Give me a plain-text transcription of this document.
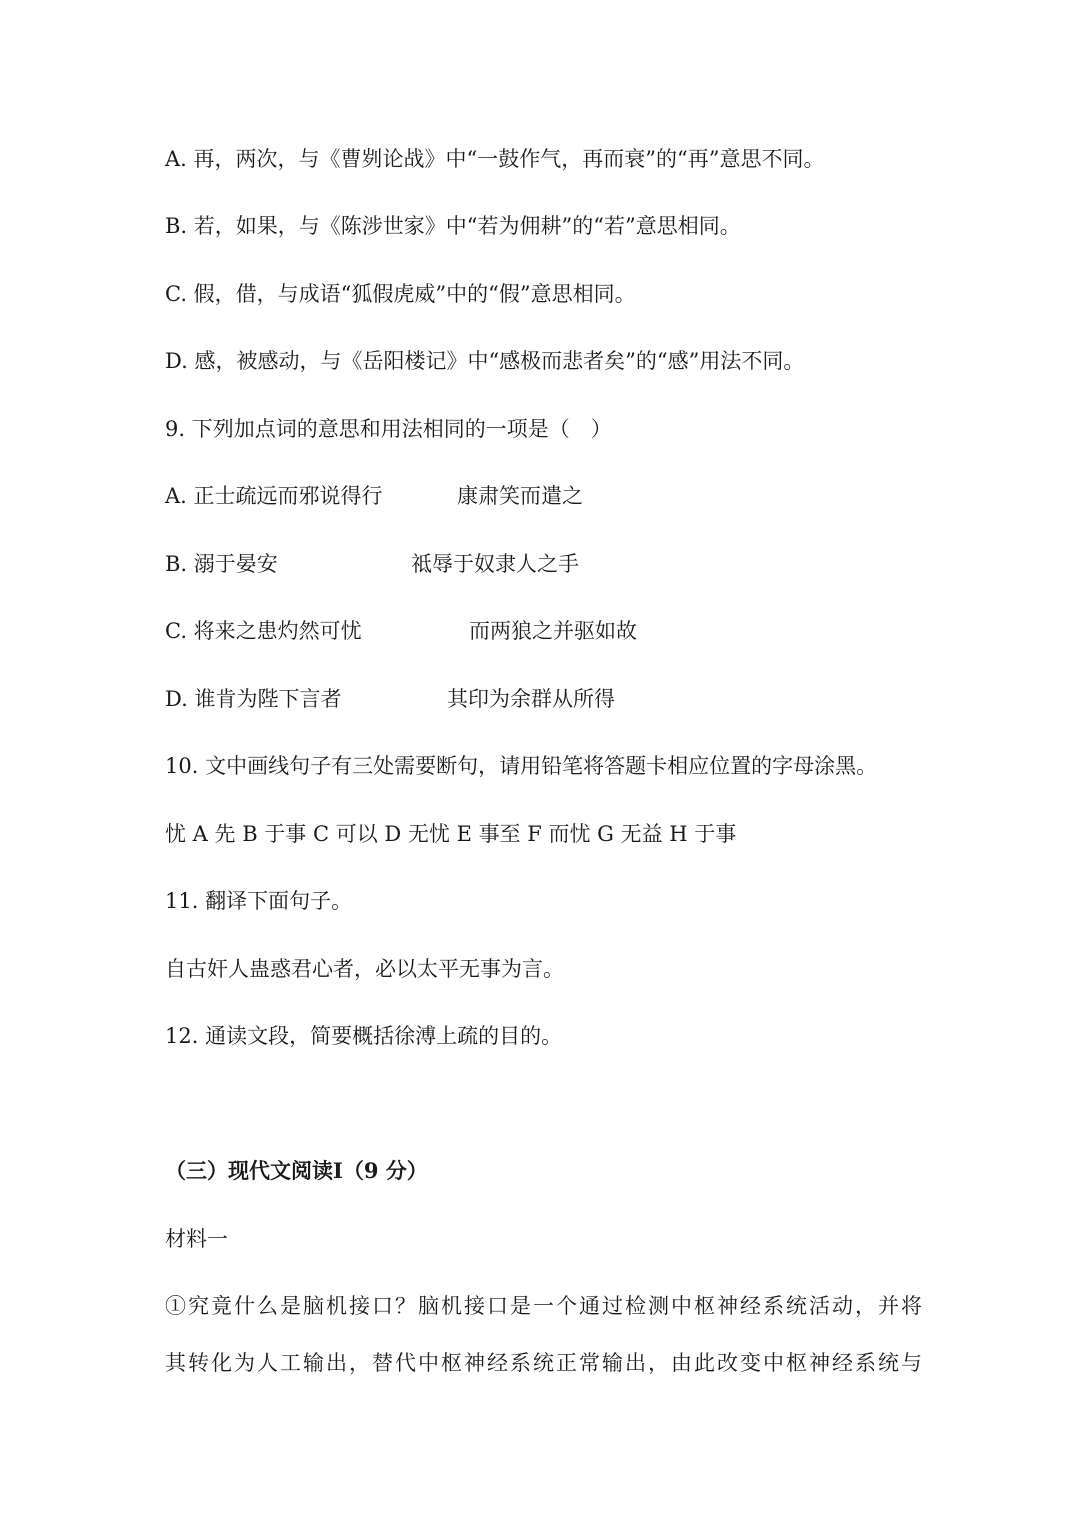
A. 再，两次，与《曹刿论战》中“一鼓作气，再而衰”的“再”意思不同。
B. 若，如果，与《陈涉世家》中“若为佣耕”的“若”意思相同。
C. 假，借，与成语“狐假虎威”中的“假”意思相同。
D. 感，被感动，与《岳阳楼记》中“感极而悲者矣”的“感”用法不同。
9. 下列加点词的意思和用法相同的一项是（　）
A. 正士疏远而邪说得行	康肃笑而遣之
B. 溺于晏安	祗辱于奴隶人之手
C. 将来之患灼然可忧	而两狼之并驱如故
D. 谁肯为陛下言者	其印为余群从所得
10. 文中画线句子有三处需要断句，请用铅笔将答题卡相应位置的字母涂黑。
忧 A 先 B 于事 C 可以 D 无忧 E 事至 F 而忧 G 无益 H 于事
11. 翻译下面句子。
自古奸人蛊惑君心者，必以太平无事为言。
12. 通读文段，简要概括徐溥上疏的目的。
（三）现代文阅读Ⅰ（9 分）
材料一
①究竟什么是脑机接口？脑机接口是一个通过检测中枢神经系统活动，并将
其转化为人工输出，替代中枢神经系统正常输出，由此改变中枢神经系统与
